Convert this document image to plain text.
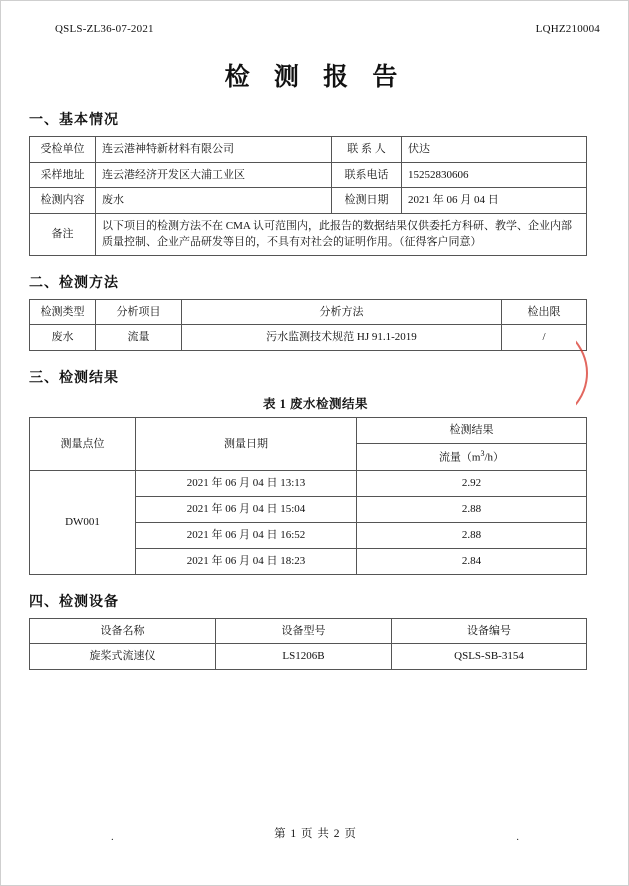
QSLS-ZL36-07-2021	LQHZ210004
检 测 报 告
一、基本情况
受检单位	连云港神特新材料有限公司	联 系 人	伏达
采样地址	连云港经济开发区大浦工业区	联系电话	15252830606
检测内容	废水	检测日期	2021 年 06 月 04 日
备注	以下项目的检测方法不在 CMA 认可范围内，此报告的数据结果仅供委托方科研、教学、企业内部质量控制、企业产品研发等目的，不具有对社会的证明作用。（征得客户同意）		
二、检测方法
检测类型	分析项目	分析方法	检出限
废水	流量	污水监测技术规范 HJ 91.1-2019	/
三、检测结果
表 1 废水检测结果
测量点位	测量日期	检测结果
		流量$(m^3/h)$
DW001	2021 年 06 月 04 日 13:13	2.92
	2021 年 06 月 04 日 15:04	2.88
	2021 年 06 月 04 日 16:52	2.88
	2021 年 06 月 04 日 18:23	2.84
四、检测设备
设备名称	设备型号	设备编号
旋桨式流速仪	LS1206B	QSLS-SB-3154
.	第 1 页 共 2 页	.
